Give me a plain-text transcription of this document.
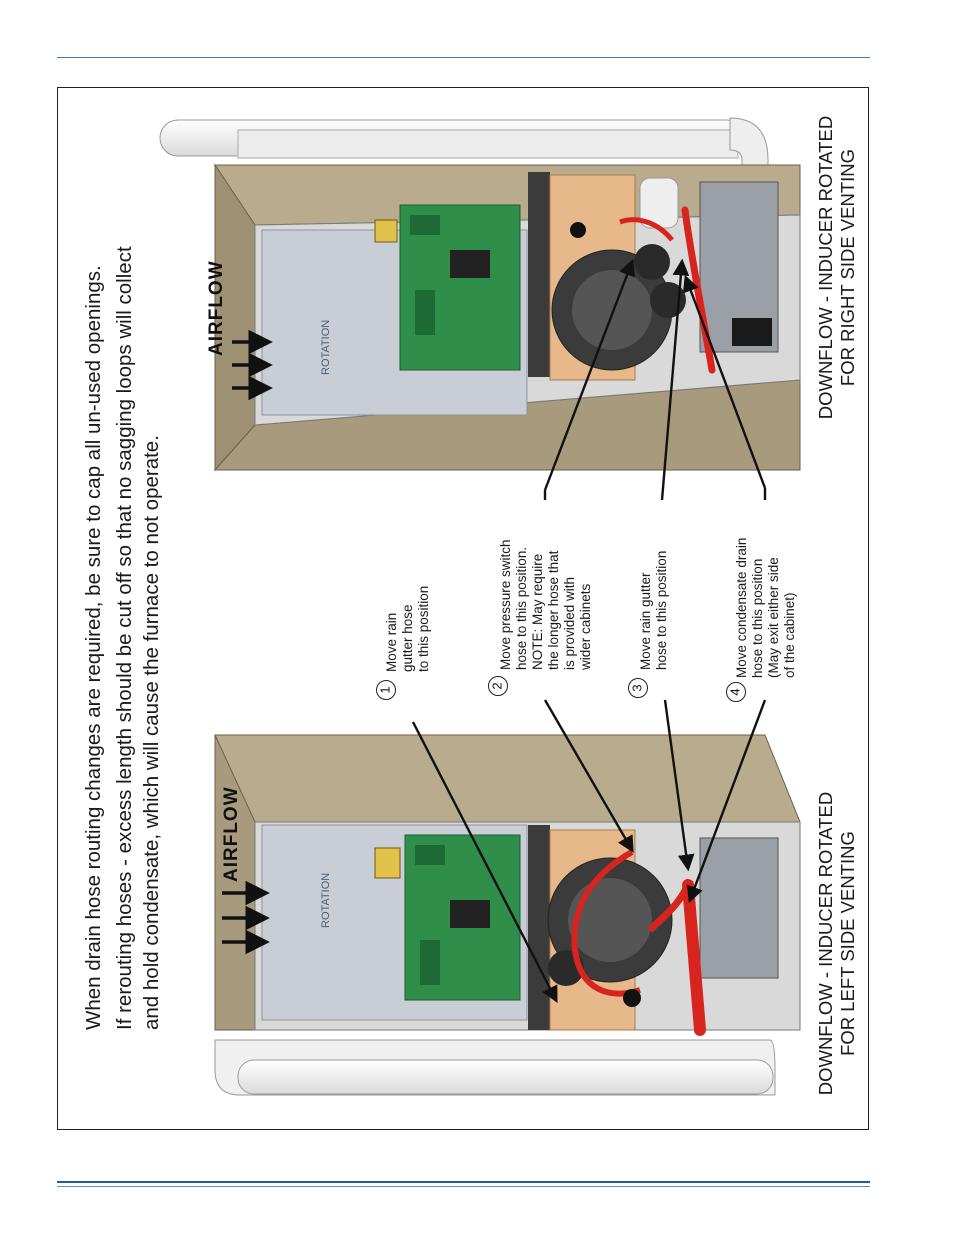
ROTATION
ROTATION
AIRFLOW
AIRFLOW
When drain hose routing changes are required, be sure to cap all un-used openings. If rerouting hoses - excess length should be cut off so that no sagging loops will collect and hold condensate, which will cause the furnace to not operate.	DOWNFLOW - INDUCER ROTATED FOR LEFT SIDE VENTING
DOWNFLOW - INDUCER ROTATED FOR RIGHT SIDE VENTING
1
2	3
4
Move rain gutter hose to this position	Move pressure switch hose to this position. NOTE: May require the longer hose that is provided with wider cabinets	Move rain gutter hose to this position	Move condensate drain hose to this position (May exit either side of the cabinet)
